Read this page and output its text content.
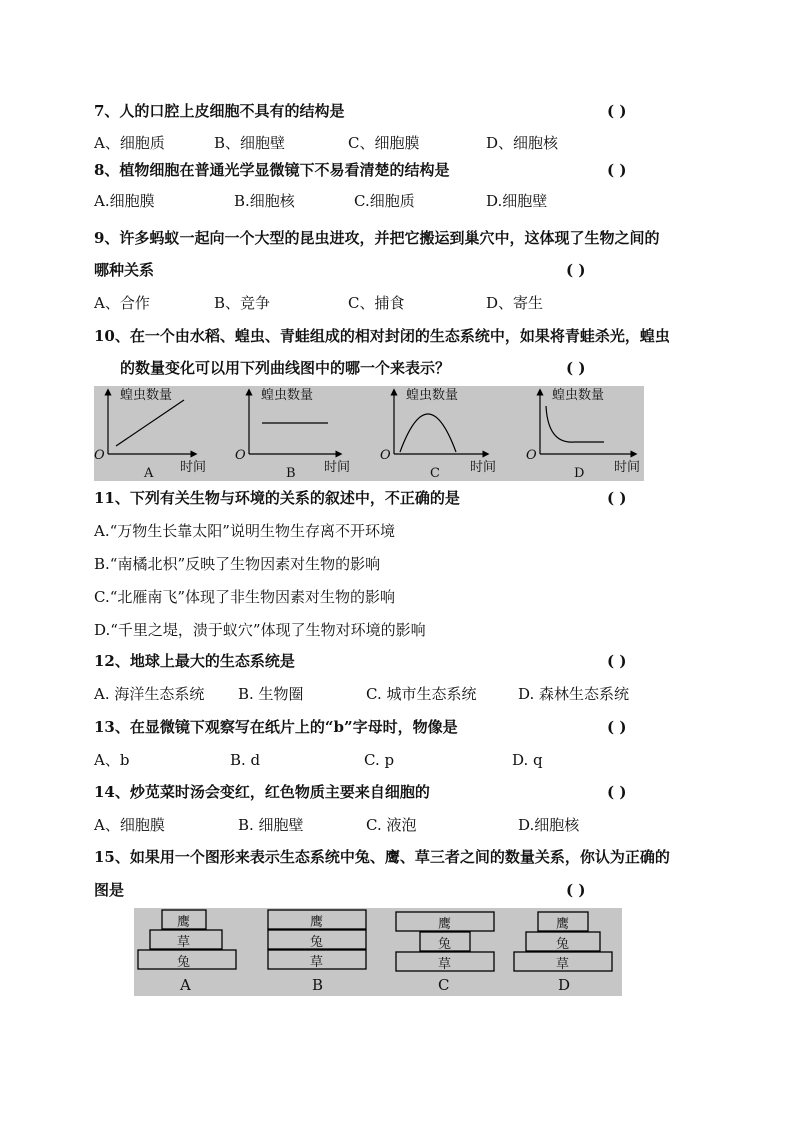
7、人的口腔上皮细胞不具有的结构是	( )
A、细胞质	B、细胞壁	C、细胞膜	D、细胞核
8、植物细胞在普通光学显微镜下不易看清楚的结构是	( )
A.细胞膜	B.细胞核	C.细胞质	D.细胞壁
9、许多蚂蚁一起向一个大型的昆虫进攻，并把它搬运到巢穴中，这体现了生物之间的
哪种关系	( )
A、合作	B、竞争	C、捕食	D、寄生
10、在一个由水稻、蝗虫、青蛙组成的相对封闭的生态系统中，如果将青蛙杀光，蝗虫
的数量变化可以用下列曲线图中的哪一个来表示？	( )
蝗虫数量	蝗虫数量	蝗虫数量	蝗虫数量
O	O	O	O
时间	时间	时间	时间
A	B	C	D
11、下列有关生物与环境的关系的叙述中，不正确的是	( )
A.“万物生长靠太阳”说明生物生存离不开环境
B.“南橘北枳”反映了生物因素对生物的影响
C.“北雁南飞”体现了非生物因素对生物的影响
D.“千里之堤，溃于蚁穴”体现了生物对环境的影响
12、地球上最大的生态系统是	( )
A. 海洋生态系统 B. 生物圈	C. 城市生态系统	D. 森林生态系统
13、在显微镜下观察写在纸片上的“b”字母时，物像是	( )
A、b	B. d	C. p	D. q
14、炒苋菜时汤会变红，红色物质主要来自细胞的	( )
A、细胞膜	B. 细胞壁	C. 液泡	D.细胞核
15、如果用一个图形来表示生态系统中兔、鹰、草三者之间的数量关系，你认为正确的
图是	( )
鹰
草
兔
鹰
兔
草
鹰
兔
草
鹰
兔
草
A	B	C	D
